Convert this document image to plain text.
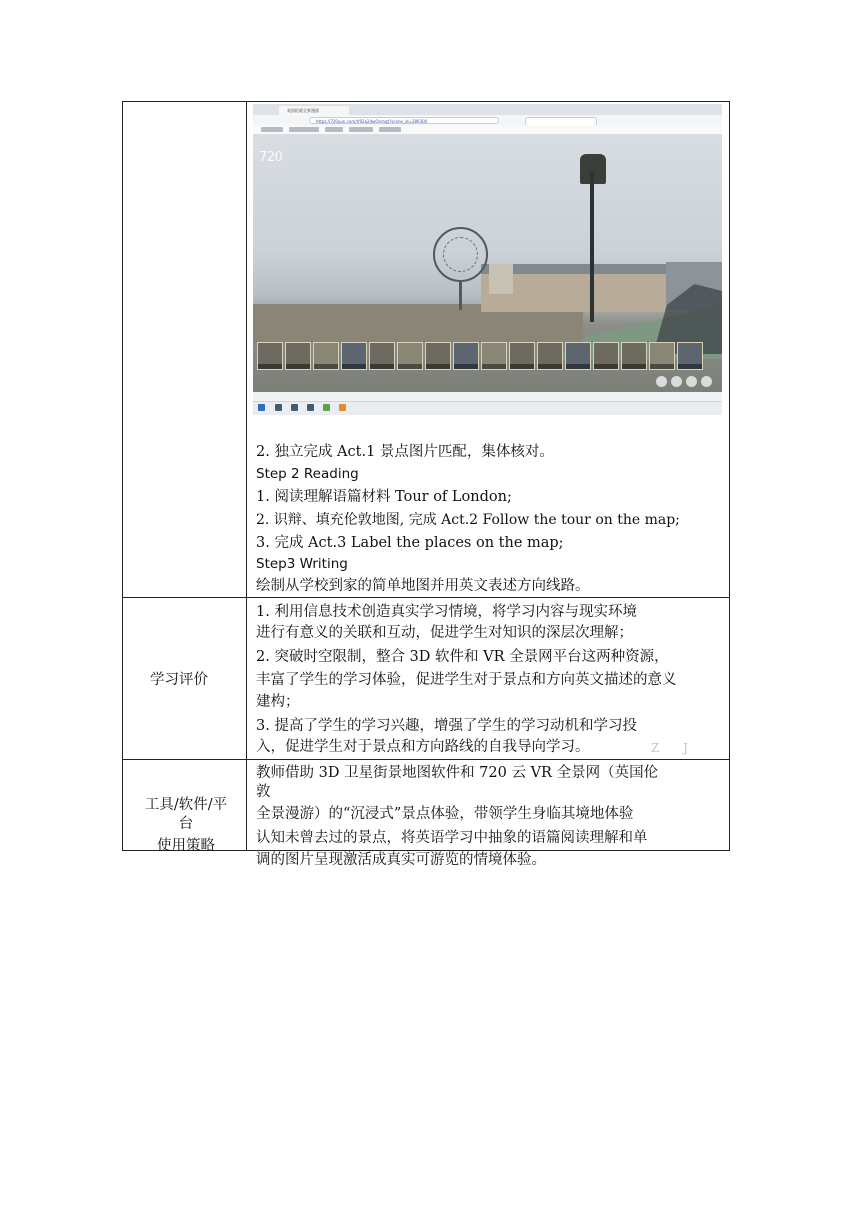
英国伦敦全景漫游
https://720yun.com/t/92a2dwOnmqt?scene_id=289300
720
2. 独立完成 Act.1 景点图片匹配，集体核对。
Step 2 Reading
1. 阅读理解语篇材料 Tour of London;
2. 识辩、填充伦敦地图, 完成 Act.2 Follow the tour on the map;
3. 完成 Act.3 Label the places on the map;
Step3 Writing
绘制从学校到家的简单地图并用英文表述方向线路。
学习评价
1. 利用信息技术创造真实学习情境，将学习内容与现实环境
进行有意义的关联和互动，促进学生对知识的深层次理解；
2. 突破时空限制，整合 3D 软件和 VR 全景网平台这两种资源，
丰富了学生的学习体验，促进学生对于景点和方向英文描述的意义
建构；
3. 提高了学生的学习兴趣，增强了学生的学习动机和学习投
入，促进学生对于景点和方向路线的自我导向学习。	Z J
工具/软件/平
台
使用策略
教师借助 3D 卫星街景地图软件和 720 云 VR 全景网（英国伦
敦
全景漫游）的“沉浸式”景点体验，带领学生身临其境地体验
认知未曾去过的景点，将英语学习中抽象的语篇阅读理解和单
调的图片呈现激活成真实可游览的情境体验。
